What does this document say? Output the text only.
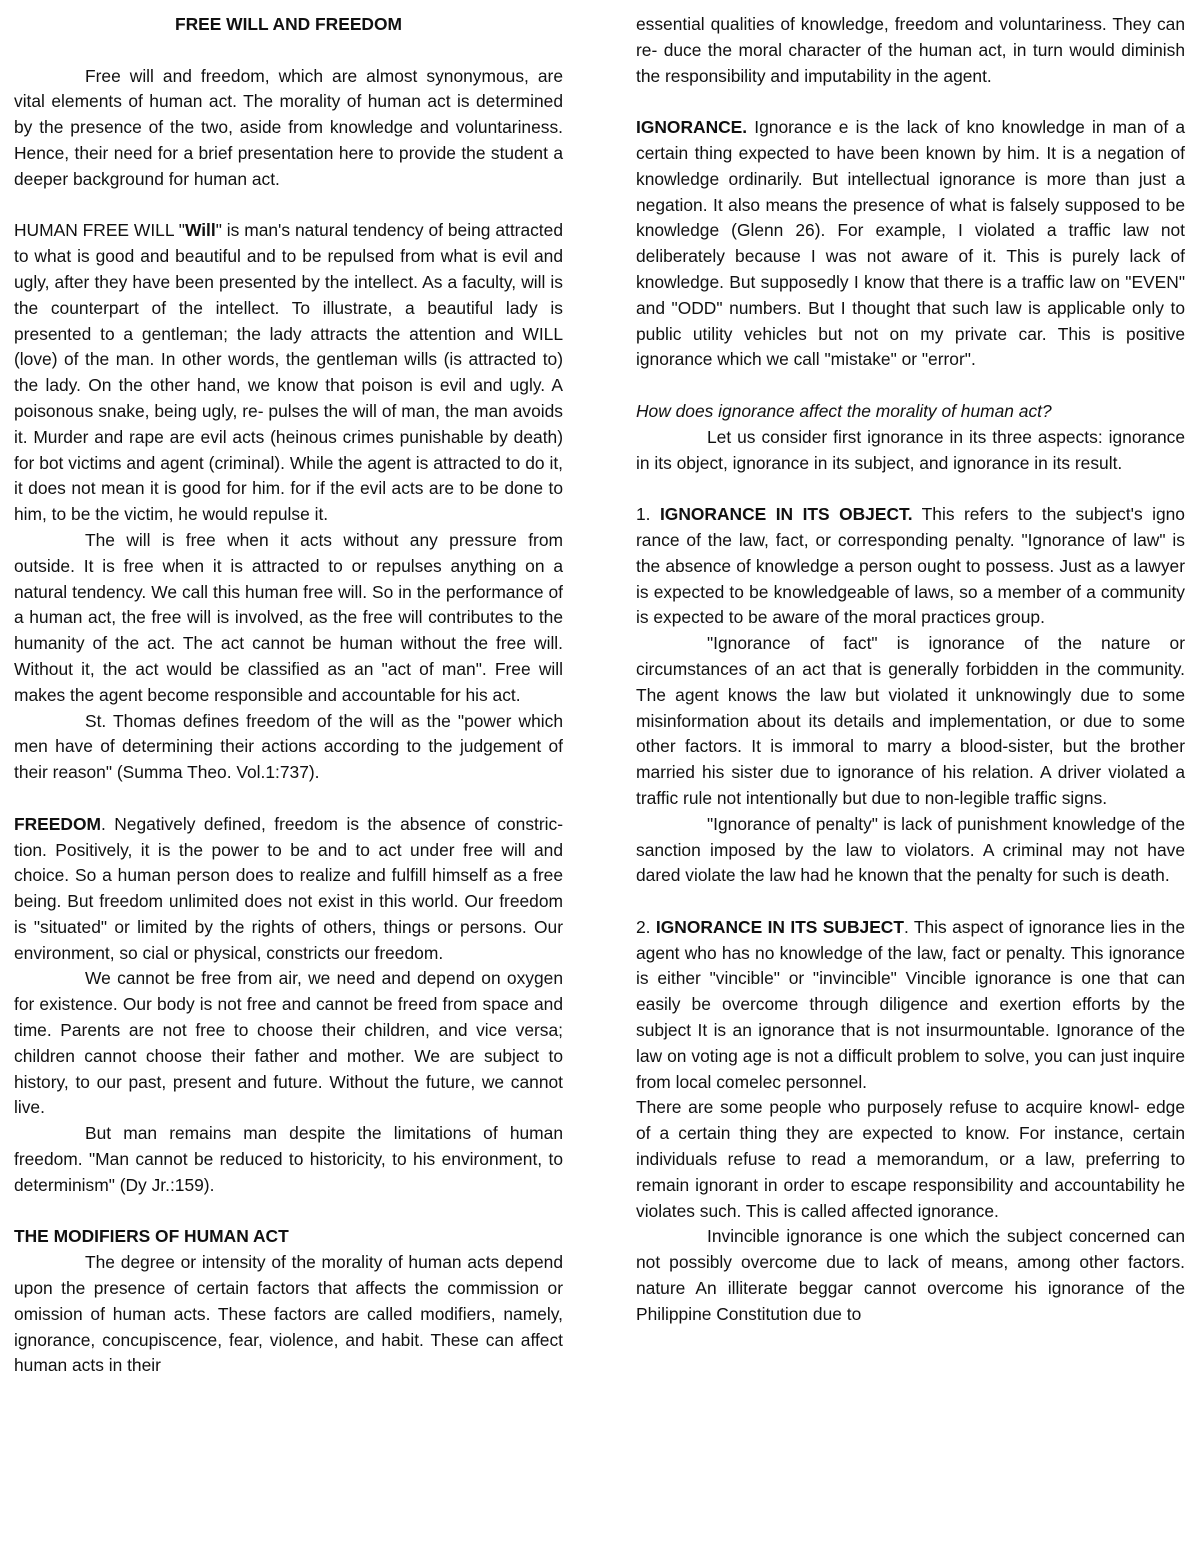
FREE WILL AND FREEDOM

Free will and freedom, which are almost synonymous, are vital elements of human act. The morality of human act is determined by the presence of the two, aside from knowledge and voluntariness. Hence, their need for a brief presentation here to provide the student a deeper background for human act.

HUMAN FREE WILL "Will" is man's natural tendency of being attracted to what is good and beautiful and to be repulsed from what is evil and ugly, after they have been presented by the intellect. As a faculty, will is the counterpart of the intellect. To illustrate, a beautiful lady is presented to a gentleman; the lady attracts the attention and WILL (love) of the man. In other words, the gentleman wills (is attracted to) the lady. On the other hand, we know that poison is evil and ugly. A poisonous snake, being ugly, re- pulses the will of man, the man avoids it. Murder and rape are evil acts (heinous crimes punishable by death) for bot victims and agent (criminal). While the agent is attracted to do it, it does not mean it is good for him. for if the evil acts are to be done to him, to be the victim, he would repulse it.

The will is free when it acts without any pressure from outside. It is free when it is attracted to or repulses anything on a natural tendency. We call this human free will. So in the performance of a human act, the free will is involved, as the free will contributes to the humanity of the act. The act cannot be human without the free will. Without it, the act would be classified as an "act of man". Free will makes the agent become responsible and accountable for his act.

St. Thomas defines freedom of the will as the "power which men have of determining their actions according to the judgement of their reason" (Summa Theo. Vol.1:737).

FREEDOM. Negatively defined, freedom is the absence of constric- tion. Positively, it is the power to be and to act under free will and choice. So a human person does to realize and fulfill himself as a free being. But freedom unlimited does not exist in this world. Our freedom is "situated" or limited by the rights of others, things or persons. Our environment, so cial or physical, constricts our freedom.

We cannot be free from air, we need and depend on oxygen for existence. Our body is not free and cannot be freed from space and time. Parents are not free to choose their children, and vice versa; children cannot choose their father and mother. We are subject to history, to our past, present and future. Without the future, we cannot live.

But man remains man despite the limitations of human freedom. "Man cannot be reduced to historicity, to his environment, to determinism" (Dy Jr.:159).

THE MODIFIERS OF HUMAN ACT

The degree or intensity of the morality of human acts depend upon the presence of certain factors that affects the commission or omission of human acts. These factors are called modifiers, namely, ignorance, concupiscence, fear, violence, and habit. These can affect human acts in their

essential qualities of knowledge, freedom and voluntariness. They can re- duce the moral character of the human act, in turn would diminish the responsibility and imputability in the agent.

IGNORANCE. Ignorance e is the lack of kno knowledge in man of a certain thing expected to have been known by him. It is a negation of knowledge ordinarily. But intellectual ignorance is more than just a negation. It also means the presence of what is falsely supposed to be knowledge (Glenn 26). For example, I violated a traffic law not deliberately because I was not aware of it. This is purely lack of knowledge. But supposedly I know that there is a traffic law on "EVEN" and "ODD" numbers. But I thought that such law is applicable only to public utility vehicles but not on my private car. This is positive ignorance which we call "mistake" or "error".

How does ignorance affect the morality of human act?

Let us consider first ignorance in its three aspects: ignorance in its object, ignorance in its subject, and ignorance in its result.

1. IGNORANCE IN ITS OBJECT. This refers to the subject's igno rance of the law, fact, or corresponding penalty. "Ignorance of law" is the absence of knowledge a person ought to possess. Just as a lawyer is expected to be knowledgeable of laws, so a member of a community is expected to be aware of the moral practices group.

"Ignorance of fact" is ignorance of the nature or circumstances of an act that is generally forbidden in the community. The agent knows the law but violated it unknowingly due to some misinformation about its details and implementation, or due to some other factors. It is immoral to marry a blood-sister, but the brother married his sister due to ignorance of his relation. A driver violated a traffic rule not intentionally but due to non-legible traffic signs.

"Ignorance of penalty" is lack of punishment knowledge of the sanction imposed by the law to violators. A criminal may not have dared violate the law had he known that the penalty for such is death.

2. IGNORANCE IN ITS SUBJECT. This aspect of ignorance lies in the agent who has no knowledge of the law, fact or penalty. This ignorance is either "vincible" or "invincible" Vincible ignorance is one that can easily be overcome through diligence and exertion efforts by the subject It is an ignorance that is not insurmountable. Ignorance of the law on voting age is not a difficult problem to solve, you can just inquire from local comelec personnel.

There are some people who purposely refuse to acquire knowl- edge of a certain thing they are expected to know. For instance, certain individuals refuse to read a memorandum, or a law, preferring to remain ignorant in order to escape responsibility and accountability he violates such. This is called affected ignorance.

Invincible ignorance is one which the subject concerned can not possibly overcome due to lack of means, among other factors. nature An illiterate beggar cannot overcome his ignorance of the Philippine Constitution due to
